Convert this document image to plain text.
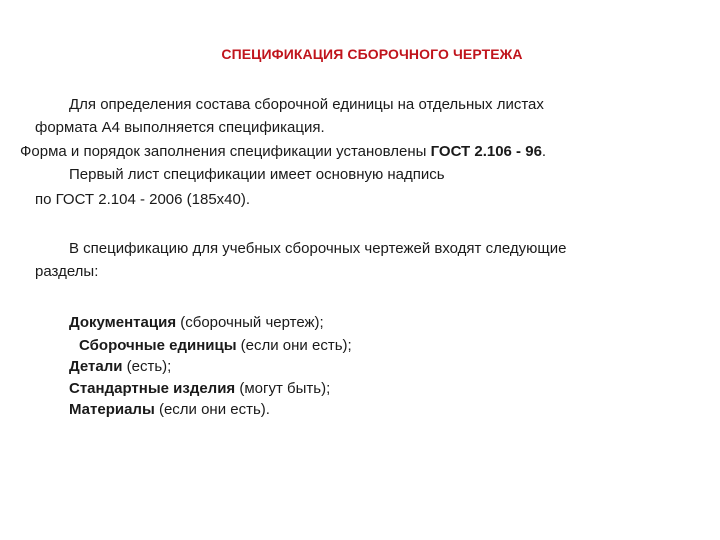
СПЕЦИФИКАЦИЯ СБОРОЧНОГО ЧЕРТЕЖА
Для определения состава сборочной единицы на отдельных листах
формата А4 выполняется спецификация.
Форма и порядок заполнения спецификации установлены ГОСТ 2.106 - 96.
Первый лист спецификации имеет основную надпись
по ГОСТ 2.104 - 2006 (185х40).
В спецификацию для учебных сборочных чертежей входят следующие
разделы:
Документация (сборочный чертеж);
Сборочные единицы (если они есть);
Детали (есть);
Стандартные изделия (могут быть);
Материалы (если они есть).
